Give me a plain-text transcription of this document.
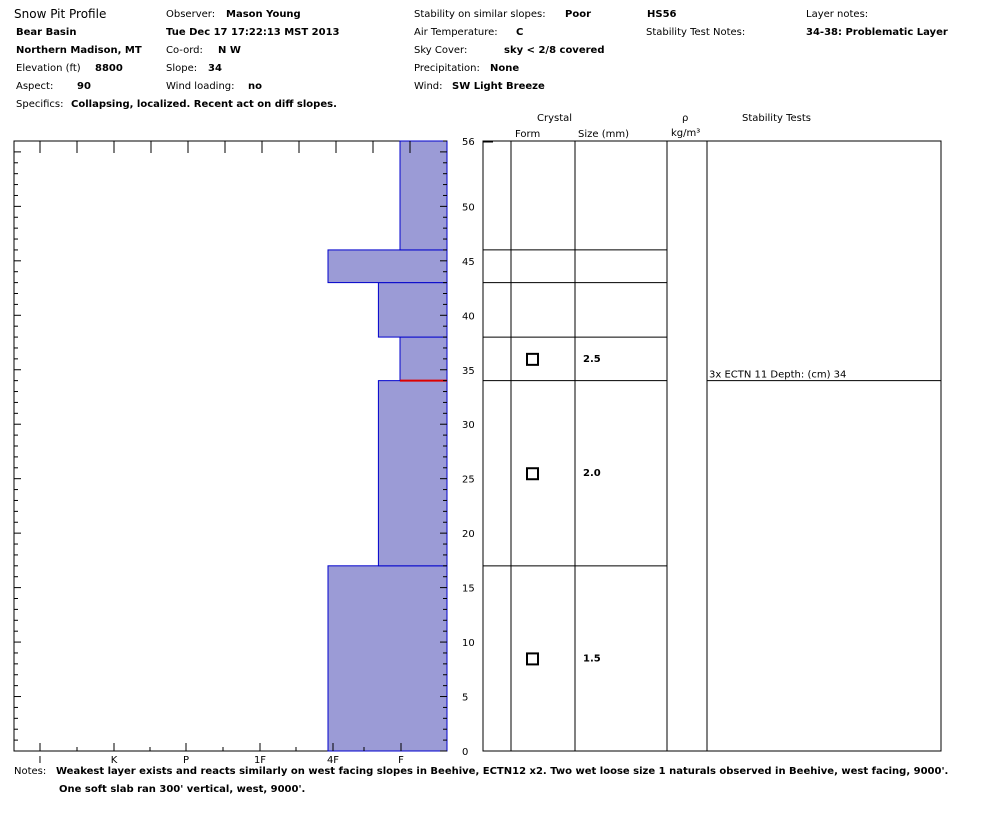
Snow Pit Profile
Bear Basin
Northern Madison, MT
Elevation (ft) 8800
Aspect: 90
Specifics: Collapsing, localized. Recent act on diff slopes.
Observer: Mason Young
Tue Dec 17 17:22:13 MST 2013
Co-ord: N W
Slope: 34
Wind loading: no
Stability on similar slopes: Poor	HS56
Air Temperature: C
Sky Cover:	sky < 2/8 covered
Precipitation: None
Wind: SW Light Breeze
Stability Test Notes:
Layer notes:
34-38: Problematic Layer
Crystal
Form	Size (mm)
ρ
kg/m³
Stability Tests
0
5
10
15
20
25
30
35
40
45
50
56
I	K	P	1F	4F	F
3x ECTN 11 Depth: (cm) 34
2.5
2.0
1.5
Notes: Weakest layer exists and reacts similarly on west facing slopes in Beehive, ECTN12 x2. Two wet loose size 1 naturals observed in Beehive, west facing, 9000'.
One soft slab ran 300' vertical, west, 9000'.
